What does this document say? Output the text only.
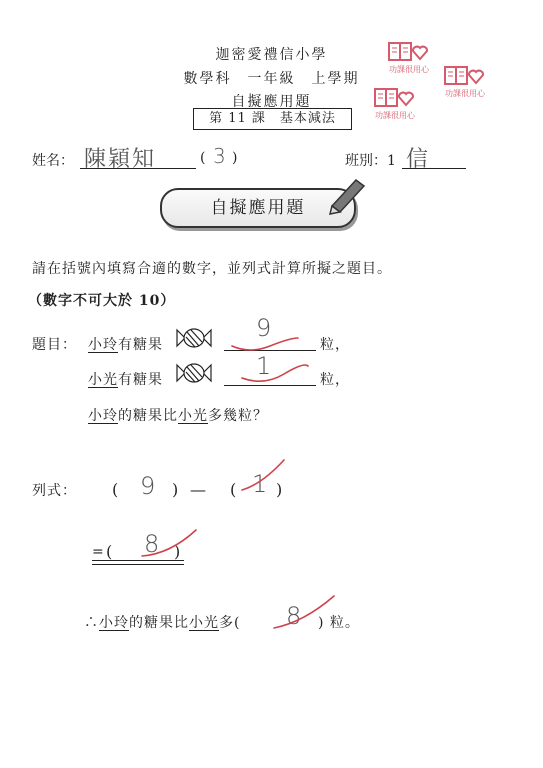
迦密愛禮信小學
數學科　一年級　上學期
自擬應用題
第 11 課　基本減法
功課很用心
功課很用心
功課很用心
姓名： 陳穎知	( 3 )	班別：1 信
自擬應用題
請在括號內填寫合適的數字，並列式計算所擬之題目。
（數字不可大於 10）
題目： 小玲有糖果
9
粒，
小光有糖果	1	粒，
小玲的糖果比小光多幾粒？
列式： ( 9 ) — ( 1 )
= ( 8 )
∴小玲的糖果比小光多( 8 ) 粒。
